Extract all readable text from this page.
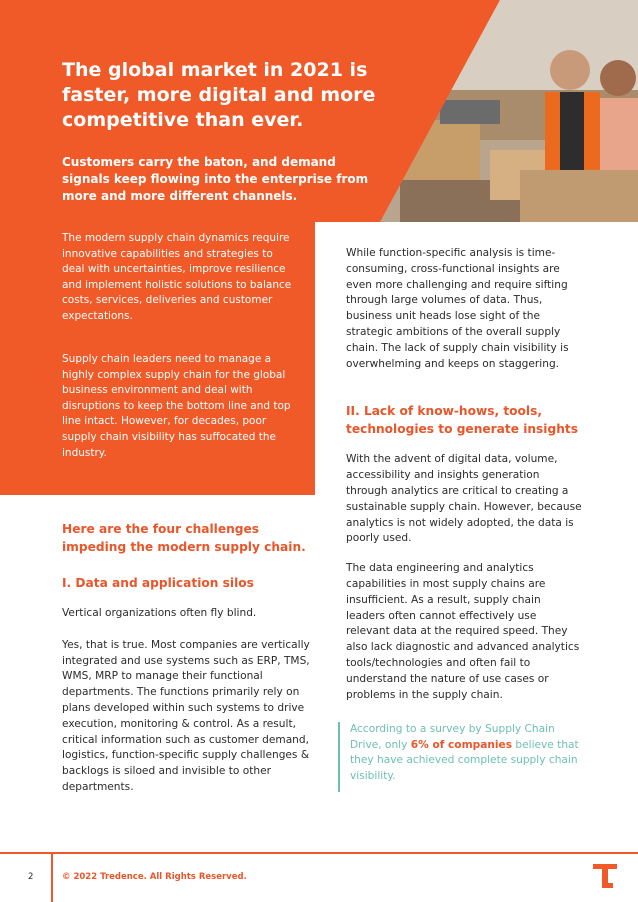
The global market in 2021 is faster, more digital and more competitive than ever.

Customers carry the baton, and demand signals keep flowing into the enterprise from more and more different channels.

The modern supply chain dynamics require innovative capabilities and strategies to deal with uncertainties, improve resilience and implement holistic solutions to balance costs, services, deliveries and customer expectations.

Supply chain leaders need to manage a highly complex supply chain for the global business environment and deal with disruptions to keep the bottom line and top line intact. However, for decades, poor supply chain visibility has suffocated the industry.

Here are the four challenges impeding the modern supply chain.
I. Data and application silos

Vertical organizations often fly blind.

Yes, that is true. Most companies are vertically integrated and use systems such as ERP, TMS, WMS, MRP to manage their functional departments. The functions primarily rely on plans developed within such systems to drive execution, monitoring & control. As a result, critical information such as customer demand, logistics, function-specific supply challenges & backlogs is siloed and invisible to other departments.

While function-specific analysis is time-consuming, cross-functional insights are even more challenging and require sifting through large volumes of data. Thus, business unit heads lose sight of the strategic ambitions of the overall supply chain. The lack of supply chain visibility is overwhelming and keeps on staggering.

II. Lack of know-hows, tools, technologies to generate insights

With the advent of digital data, volume, accessibility and insights generation through analytics are critical to creating a sustainable supply chain. However, because analytics is not widely adopted, the data is poorly used.

The data engineering and analytics capabilities in most supply chains are insufficient. As a result, supply chain leaders often cannot effectively use relevant data at the required speed. They also lack diagnostic and advanced analytics tools/technologies and often fail to understand the nature of use cases or problems in the supply chain.

According to a survey by Supply Chain Drive, only 6% of companies believe that they have achieved complete supply chain visibility.
2	© 2022 Tredence. All Rights Reserved.
